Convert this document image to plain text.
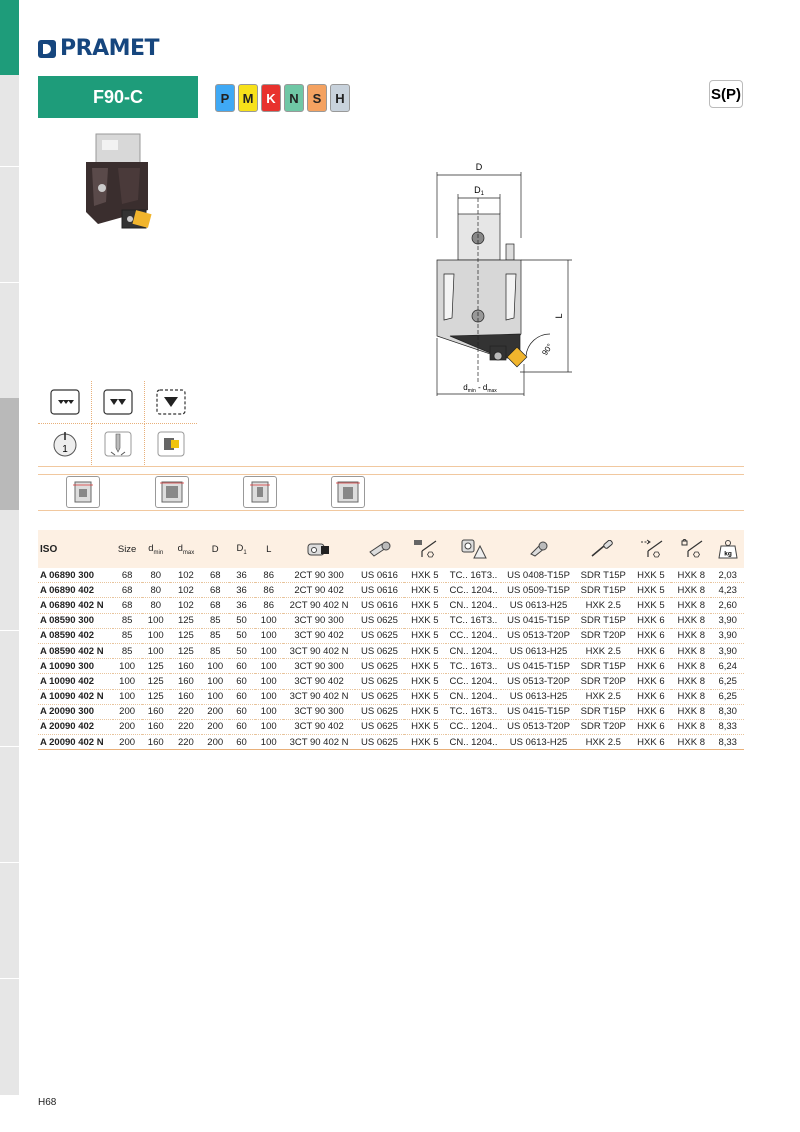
PRAMET
F90-C	P	M K	N	S	H	S(P)
D
$D_1$
L
90°
$d_{min} - d_{max}$
1
ISO	Size	$d_{min}$	$d_{max}$	D	$D_1$	L									kg

A 06890 300	68	80	102	68	36	86	2CT 90 300	US 0616	HXK 5	TC.. 16T3..	US 0408-T15P	SDR T15P	HXK 5	HXK 8	2,03
A 06890 402	68	80	102	68	36	86	2CT 90 402	US 0616	HXK 5	CC.. 1204..	US 0509-T15P	SDR T15P	HXK 5	HXK 8	4,23
A 06890 402 N	68	80	102	68	36	86	2CT 90 402 N	US 0616	HXK 5	CN.. 1204..	US 0613-H25	HXK 2.5	HXK 5	HXK 8	2,60
A 08590 300	85	100	125	85	50	100	3CT 90 300	US 0625	HXK 5	TC.. 16T3..	US 0415-T15P	SDR T15P	HXK 6	HXK 8	3,90
A 08590 402	85	100	125	85	50	100	3CT 90 402	US 0625	HXK 5	CC.. 1204..	US 0513-T20P	SDR T20P	HXK 6	HXK 8	3,90
A 08590 402 N	85	100	125	85	50	100	3CT 90 402 N	US 0625	HXK 5	CN.. 1204..	US 0613-H25	HXK 2.5	HXK 6	HXK 8	3,90
A 10090 300	100	125	160	100	60	100	3CT 90 300	US 0625	HXK 5	TC.. 16T3..	US 0415-T15P	SDR T15P	HXK 6	HXK 8	6,24
A 10090 402	100	125	160	100	60	100	3CT 90 402	US 0625	HXK 5	CC.. 1204..	US 0513-T20P	SDR T20P	HXK 6	HXK 8	6,25
A 10090 402 N	100	125	160	100	60	100	3CT 90 402 N	US 0625	HXK 5	CN.. 1204..	US 0613-H25	HXK 2.5	HXK 6	HXK 8	6,25
A 20090 300	200	160	220	200	60	100	3CT 90 300	US 0625	HXK 5	TC.. 16T3..	US 0415-T15P	SDR T15P	HXK 6	HXK 8	8,30
A 20090 402	200	160	220	200	60	100	3CT 90 402	US 0625	HXK 5	CC.. 1204..	US 0513-T20P	SDR T20P	HXK 6	HXK 8	8,33
A 20090 402 N	200	160	220	200	60	100	3CT 90 402 N	US 0625	HXK 5	CN.. 1204..	US 0613-H25	HXK 2.5	HXK 6	HXK 8	8,33
H68
